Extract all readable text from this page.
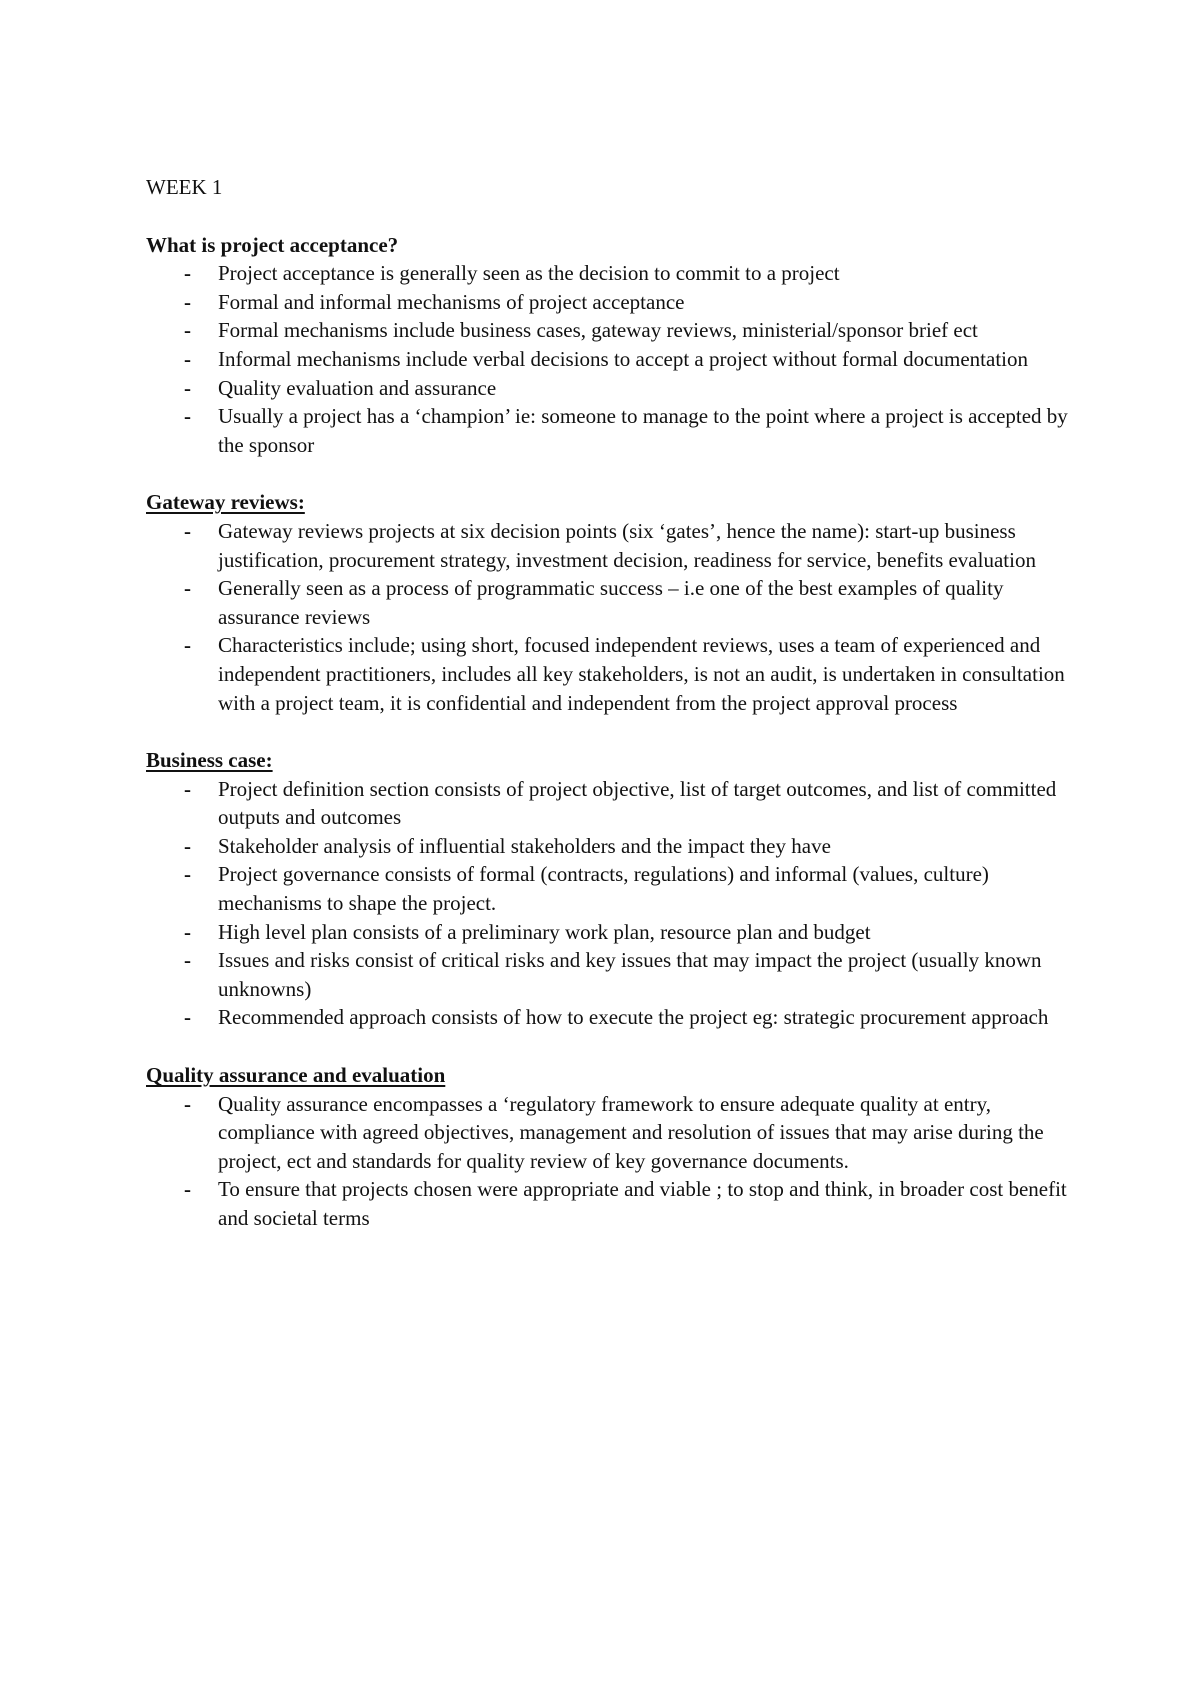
WEEK 1
What is project acceptance?
-	Project acceptance is generally seen as the decision to commit to a project
-	Formal and informal mechanisms of project acceptance
-	Formal mechanisms include business cases, gateway reviews, ministerial/sponsor brief ect
-	Informal mechanisms include verbal decisions to accept a project without formal documentation
-	Quality evaluation and assurance
-	Usually a project has a ‘champion’ ie: someone to manage to the point where a project is accepted by the sponsor
Gateway reviews:
-	Gateway reviews projects at six decision points (six ‘gates’, hence the name): start-up business justification, procurement strategy, investment decision, readiness for service, benefits evaluation
-	Generally seen as a process of programmatic success – i.e one of the best examples of quality assurance reviews
-	Characteristics include; using short, focused independent reviews, uses a team of experienced and independent practitioners, includes all key stakeholders, is not an audit, is undertaken in consultation with a project team, it is confidential and independent from the project approval process
Business case:
-	Project definition section consists of project objective, list of target outcomes, and list of committed outputs and outcomes
-	Stakeholder analysis of influential stakeholders and the impact they have
-	Project governance consists of formal (contracts, regulations) and informal (values, culture) mechanisms to shape the project.
-	High level plan consists of a preliminary work plan, resource plan and budget
-	Issues and risks consist of critical risks and key issues that may impact the project (usually known unknowns)
-	Recommended approach consists of how to execute the project eg: strategic procurement approach
Quality assurance and evaluation
-	Quality assurance encompasses a ‘regulatory framework to ensure adequate quality at entry, compliance with agreed objectives, management and resolution of issues that may arise during the project, ect and standards for quality review of key governance documents.
-	To ensure that projects chosen were appropriate and viable ; to stop and think, in broader cost benefit and societal terms
